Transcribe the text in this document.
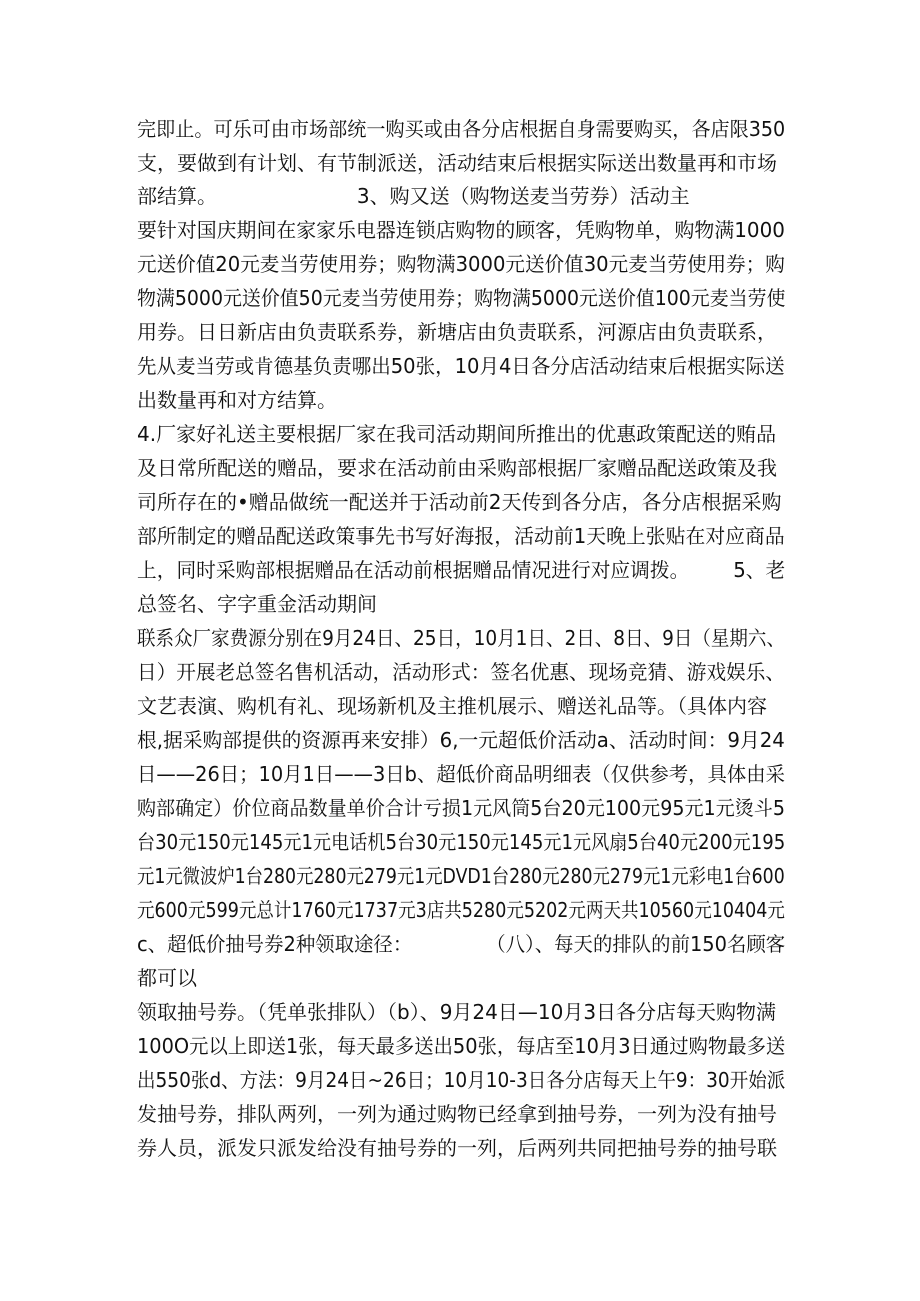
完即止。可乐可由市场部统一购买或由各分店根据自身需要购买，各店限350
支，要做到有计划、有节制派送，活动结束后根据实际送出数量再和市场
部结算。                      3、购又送（购物送麦当劳券）活动主
要针对国庆期间在家家乐电器连锁店购物的顾客，凭购物单，购物满1000
元送价值20元麦当劳使用券；购物满3000元送价值30元麦当劳使用券；购
物满5000元送价值50元麦当劳使用券；购物满5000元送价值100元麦当劳使
用券。日日新店由负责联系券，新塘店由负责联系，河源店由负责联系，
先从麦当劳或肯德基负责哪出50张，10月4日各分店活动结束后根据实际送
出数量再和对方结算。
4.厂家好礼送主要根据厂家在我司活动期间所推出的优惠政策配送的贿品
及日常所配送的赠品，要求在活动前由采购部根据厂家赠品配送政策及我
司所存在的•赠品做统一配送并于活动前2天传到各分店，各分店根据采购
部所制定的赠品配送政策事先书写好海报，活动前1天晚上张贴在对应商品
上，同时采购部根据赠品在活动前根据赠品情况进行对应调拨。       5、老
总签名、字字重金活动期间
联系众厂家费源分别在9月24日、25日，10月1日、2日、8日、9日（星期六、
日）开展老总签名售机活动，活动形式：签名优惠、现场竞猜、游戏娱乐、
文艺表演、购机有礼、现场新机及主推机展示、赠送礼品等。（具体内容
根,据采购部提供的资源再来安排）6,一元超低价活动a、活动时间：9月24
日——26日；10月1日——3日b、超低价商品明细表（仅供参考，具体由采
购部确定）价位商品数量单价合计亏损1元风筒5台20元100元95元1元烫斗5
台30元150元145元1元电话机5台30元150元145元1元风扇5台40元200元195
元1元微波炉1台280元280元279元1元DVD1台280元280元279元1元彩电1台600
元600元599元总计1760元1737元3店共5280元5202元两天共10560元10404元
c、超低价抽号券2种领取途径：            （八）、每天的排队的前150名顾客
都可以
领取抽号券。（凭单张排队）（b）、9月24日—10月3日各分店每天购物满
100O元以上即送1张，每天最多送出50张，每店至10月3日通过购物最多送
出550张d、方法：9月24日~26日；10月10-3日各分店每天上午9：30开始派
发抽号券，排队两列，一列为通过购物已经拿到抽号券，一列为没有抽号
券人员，派发只派发给没有抽号券的一列，后两列共同把抽号券的抽号联
